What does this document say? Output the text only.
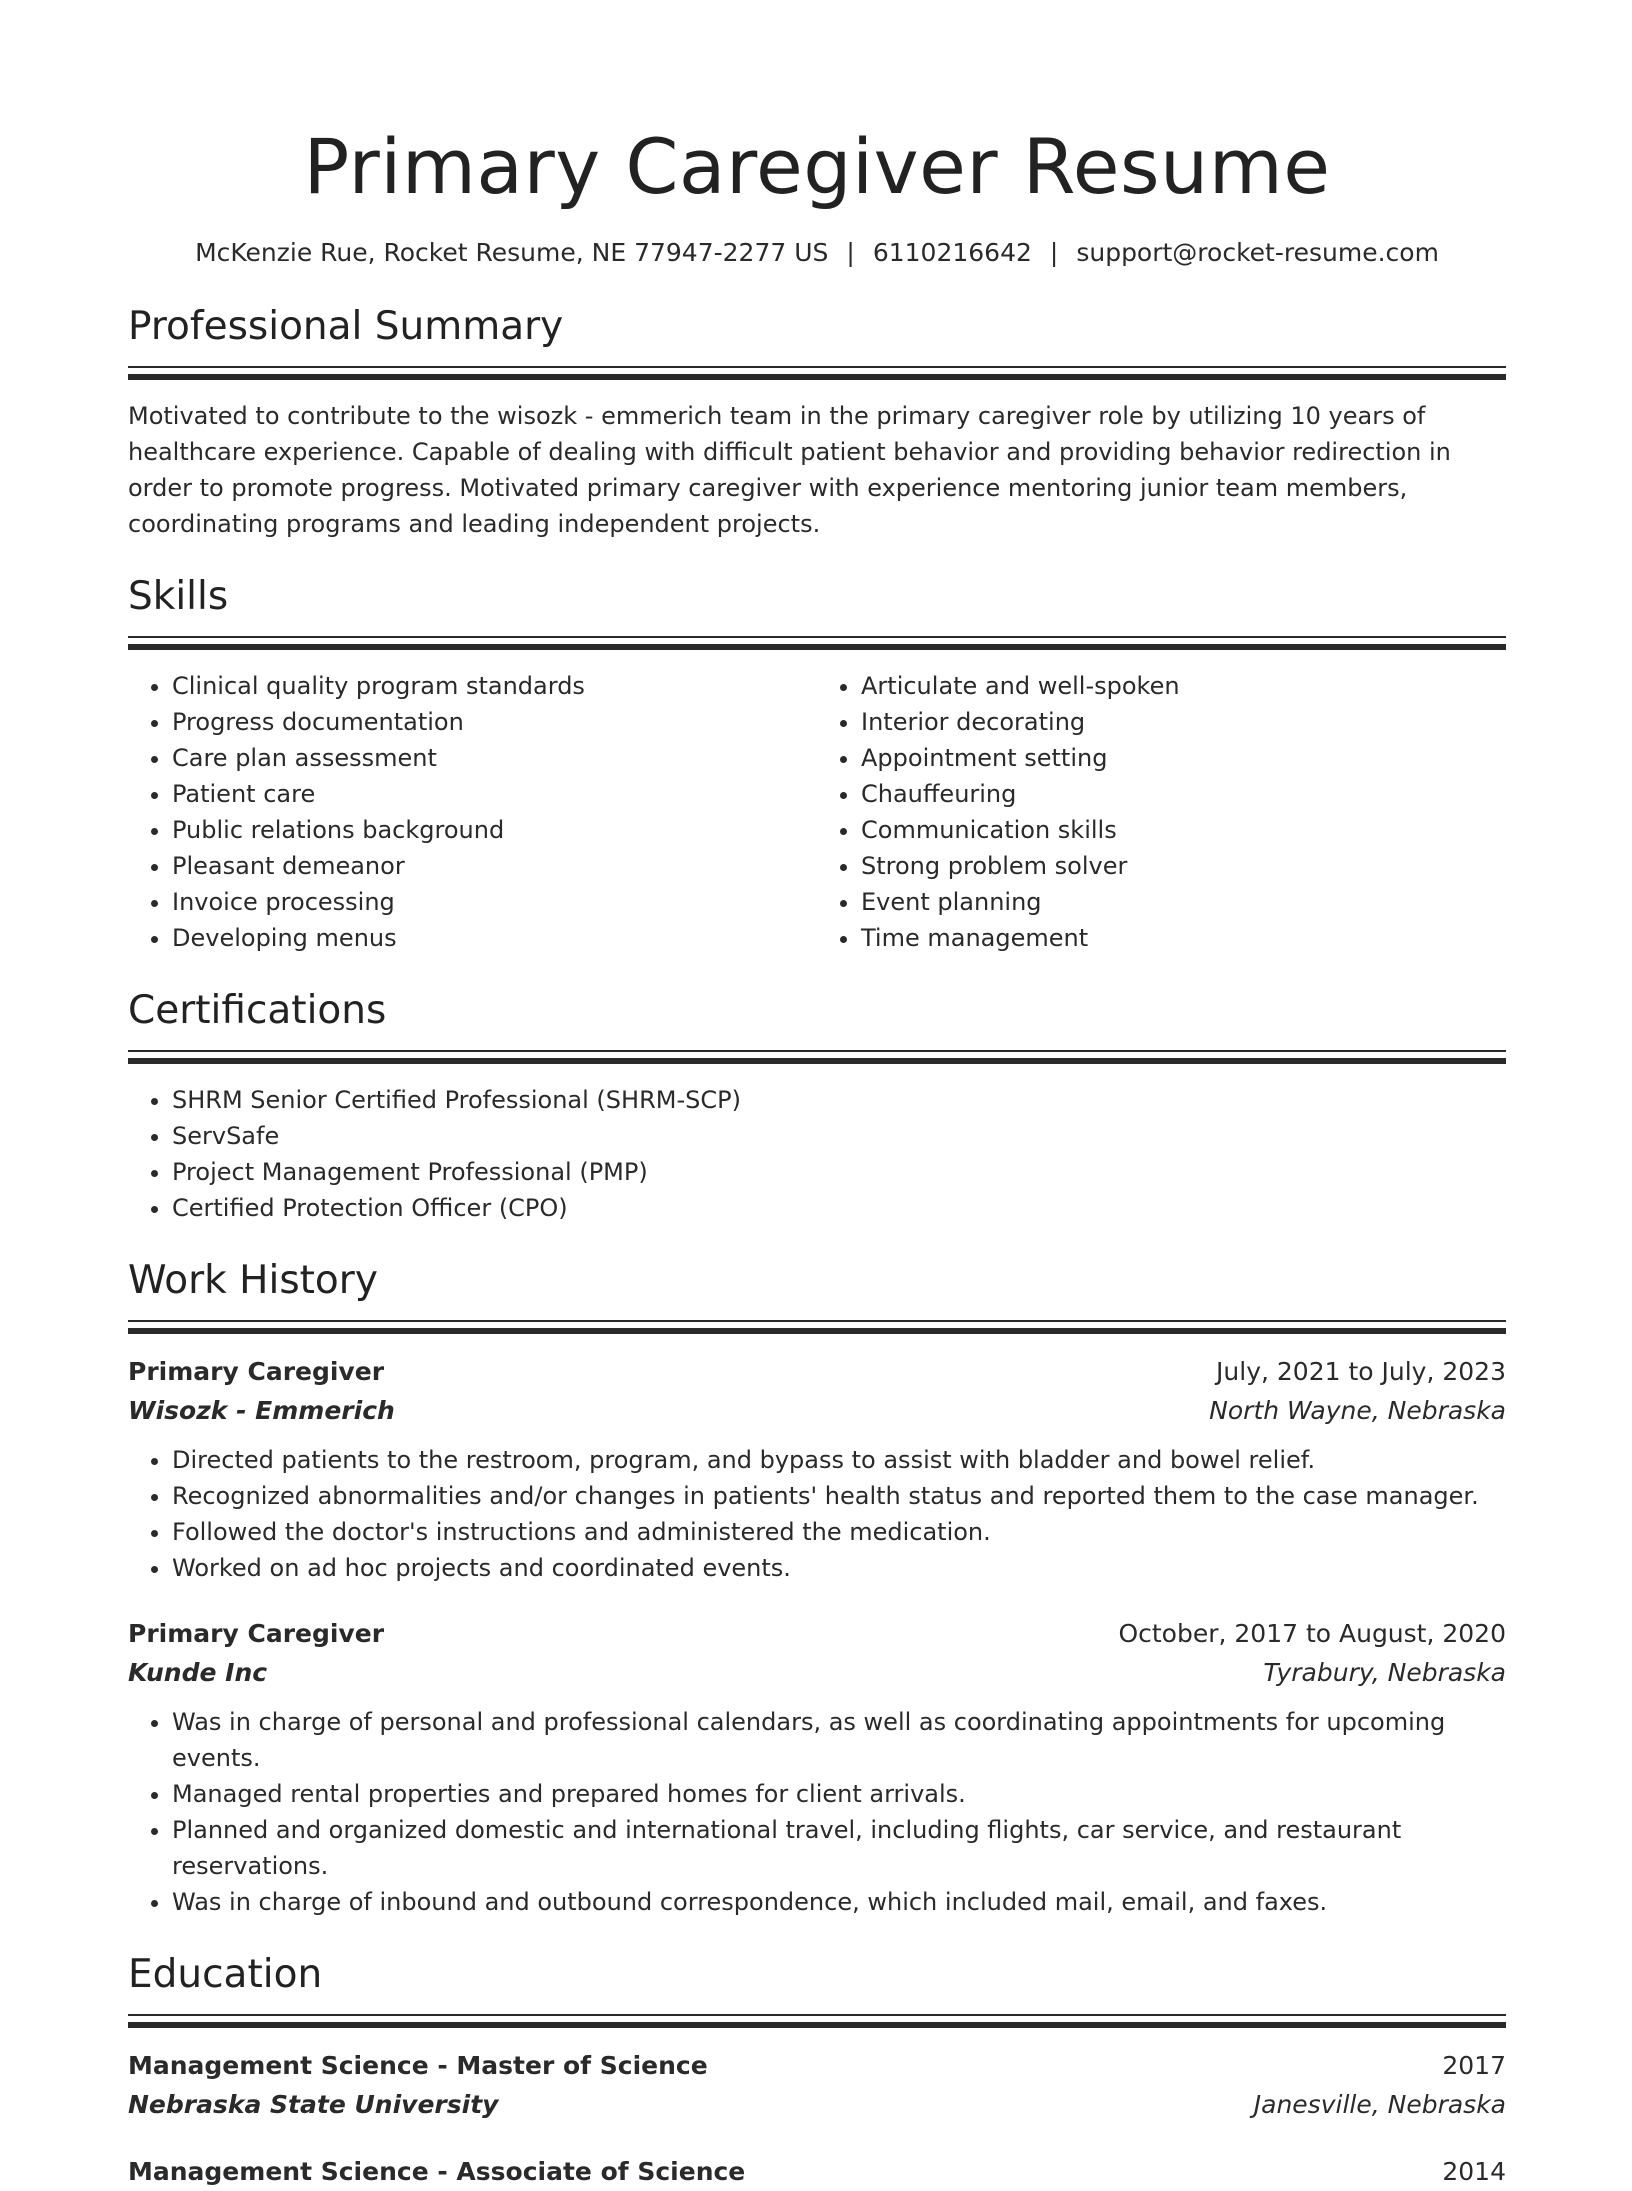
Primary Caregiver Resume
McKenzie Rue, Rocket Resume, NE 77947-2277 US | 6110216642 | support@rocket-resume.com
Professional Summary

Motivated to contribute to the wisozk - emmerich team in the primary caregiver role by utilizing 10 years of healthcare experience. Capable of dealing with difficult patient behavior and providing behavior redirection in order to promote progress. Motivated primary caregiver with experience mentoring junior team members, coordinating programs and leading independent projects.

Skills
• Clinical quality program standards
• Progress documentation
• Care plan assessment
• Patient care
• Public relations background
• Pleasant demeanor
• Invoice processing
• Developing menus
• Articulate and well-spoken
• Interior decorating
• Appointment setting
• Chauffeuring
• Communication skills
• Strong problem solver
• Event planning
• Time management
Certifications
• SHRM Senior Certified Professional (SHRM-SCP)
• ServSafe
• Project Management Professional (PMP)
• Certified Protection Officer (CPO)
Work History
Primary Caregiver	July, 2021 to July, 2023
Wisozk - Emmerich	North Wayne, Nebraska
• Directed patients to the restroom, program, and bypass to assist with bladder and bowel relief.
• Recognized abnormalities and/or changes in patients' health status and reported them to the case manager.
• Followed the doctor's instructions and administered the medication.
• Worked on ad hoc projects and coordinated events.
Primary Caregiver	October, 2017 to August, 2020
Kunde Inc	Tyrabury, Nebraska
• Was in charge of personal and professional calendars, as well as coordinating appointments for upcoming events.
• Managed rental properties and prepared homes for client arrivals.
• Planned and organized domestic and international travel, including flights, car service, and restaurant reservations.
• Was in charge of inbound and outbound correspondence, which included mail, email, and faxes.
Education
Management Science - Master of Science	2017
Nebraska State University	Janesville, Nebraska
Management Science - Associate of Science	2014
